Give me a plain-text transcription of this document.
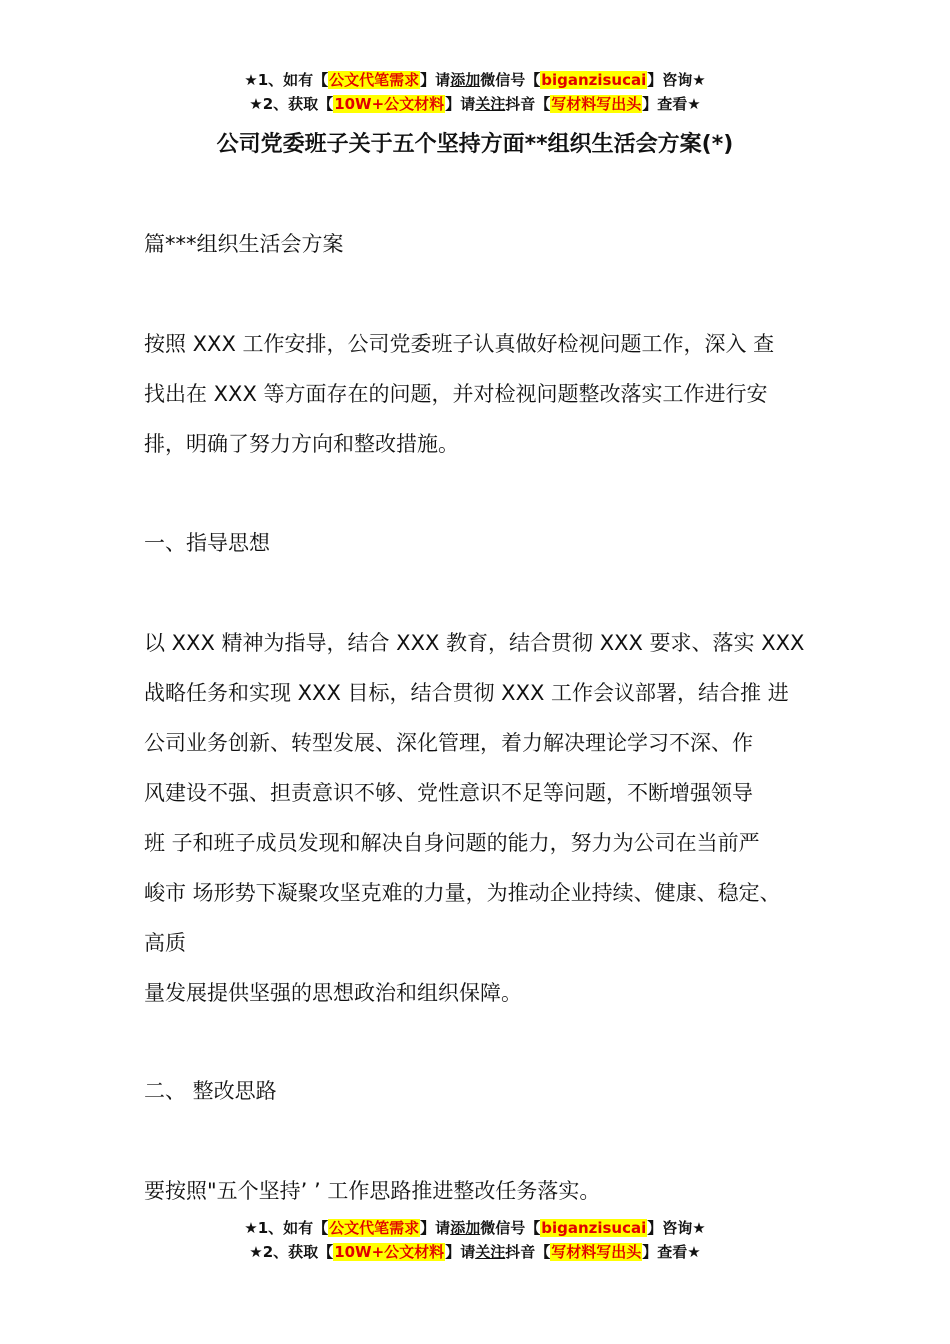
★1、如有【公文代笔需求】请添加微信号【biganzisucai】咨询★
★2、获取【10W+公文材料】请关注抖音【写材料写出头】查看★
公司党委班子关于五个坚持方面**组织生活会方案(*)

篇***组织生活会方案

按照 XXX 工作安排，公司党委班子认真做好检视问题工作，深入 查
找出在 XXX 等方面存在的问题，并对检视问题整改落实工作进行安
排，明确了努力方向和整改措施。

一、指导思想

以 XXX 精神为指导，结合 XXX 教育，结合贯彻 XXX 要求、落实 XXX
战略任务和实现 XXX 目标，结合贯彻 XXX 工作会议部署，结合推 进
公司业务创新、转型发展、深化管理，着力解决理论学习不深、作
风建设不强、担责意识不够、党性意识不足等问题，不断增强领导
班 子和班子成员发现和解决自身问题的能力，努力为公司在当前严
峻市 场形势下凝聚攻坚克难的力量，为推动企业持续、健康、稳定、
高质
量发展提供坚强的思想政治和组织保障。

二、 整改思路

要按照"五个坚持’ ’ 工作思路推进整改任务落实。

★1、如有【公文代笔需求】请添加微信号【biganzisucai】咨询★
★2、获取【10W+公文材料】请关注抖音【写材料写出头】查看★
